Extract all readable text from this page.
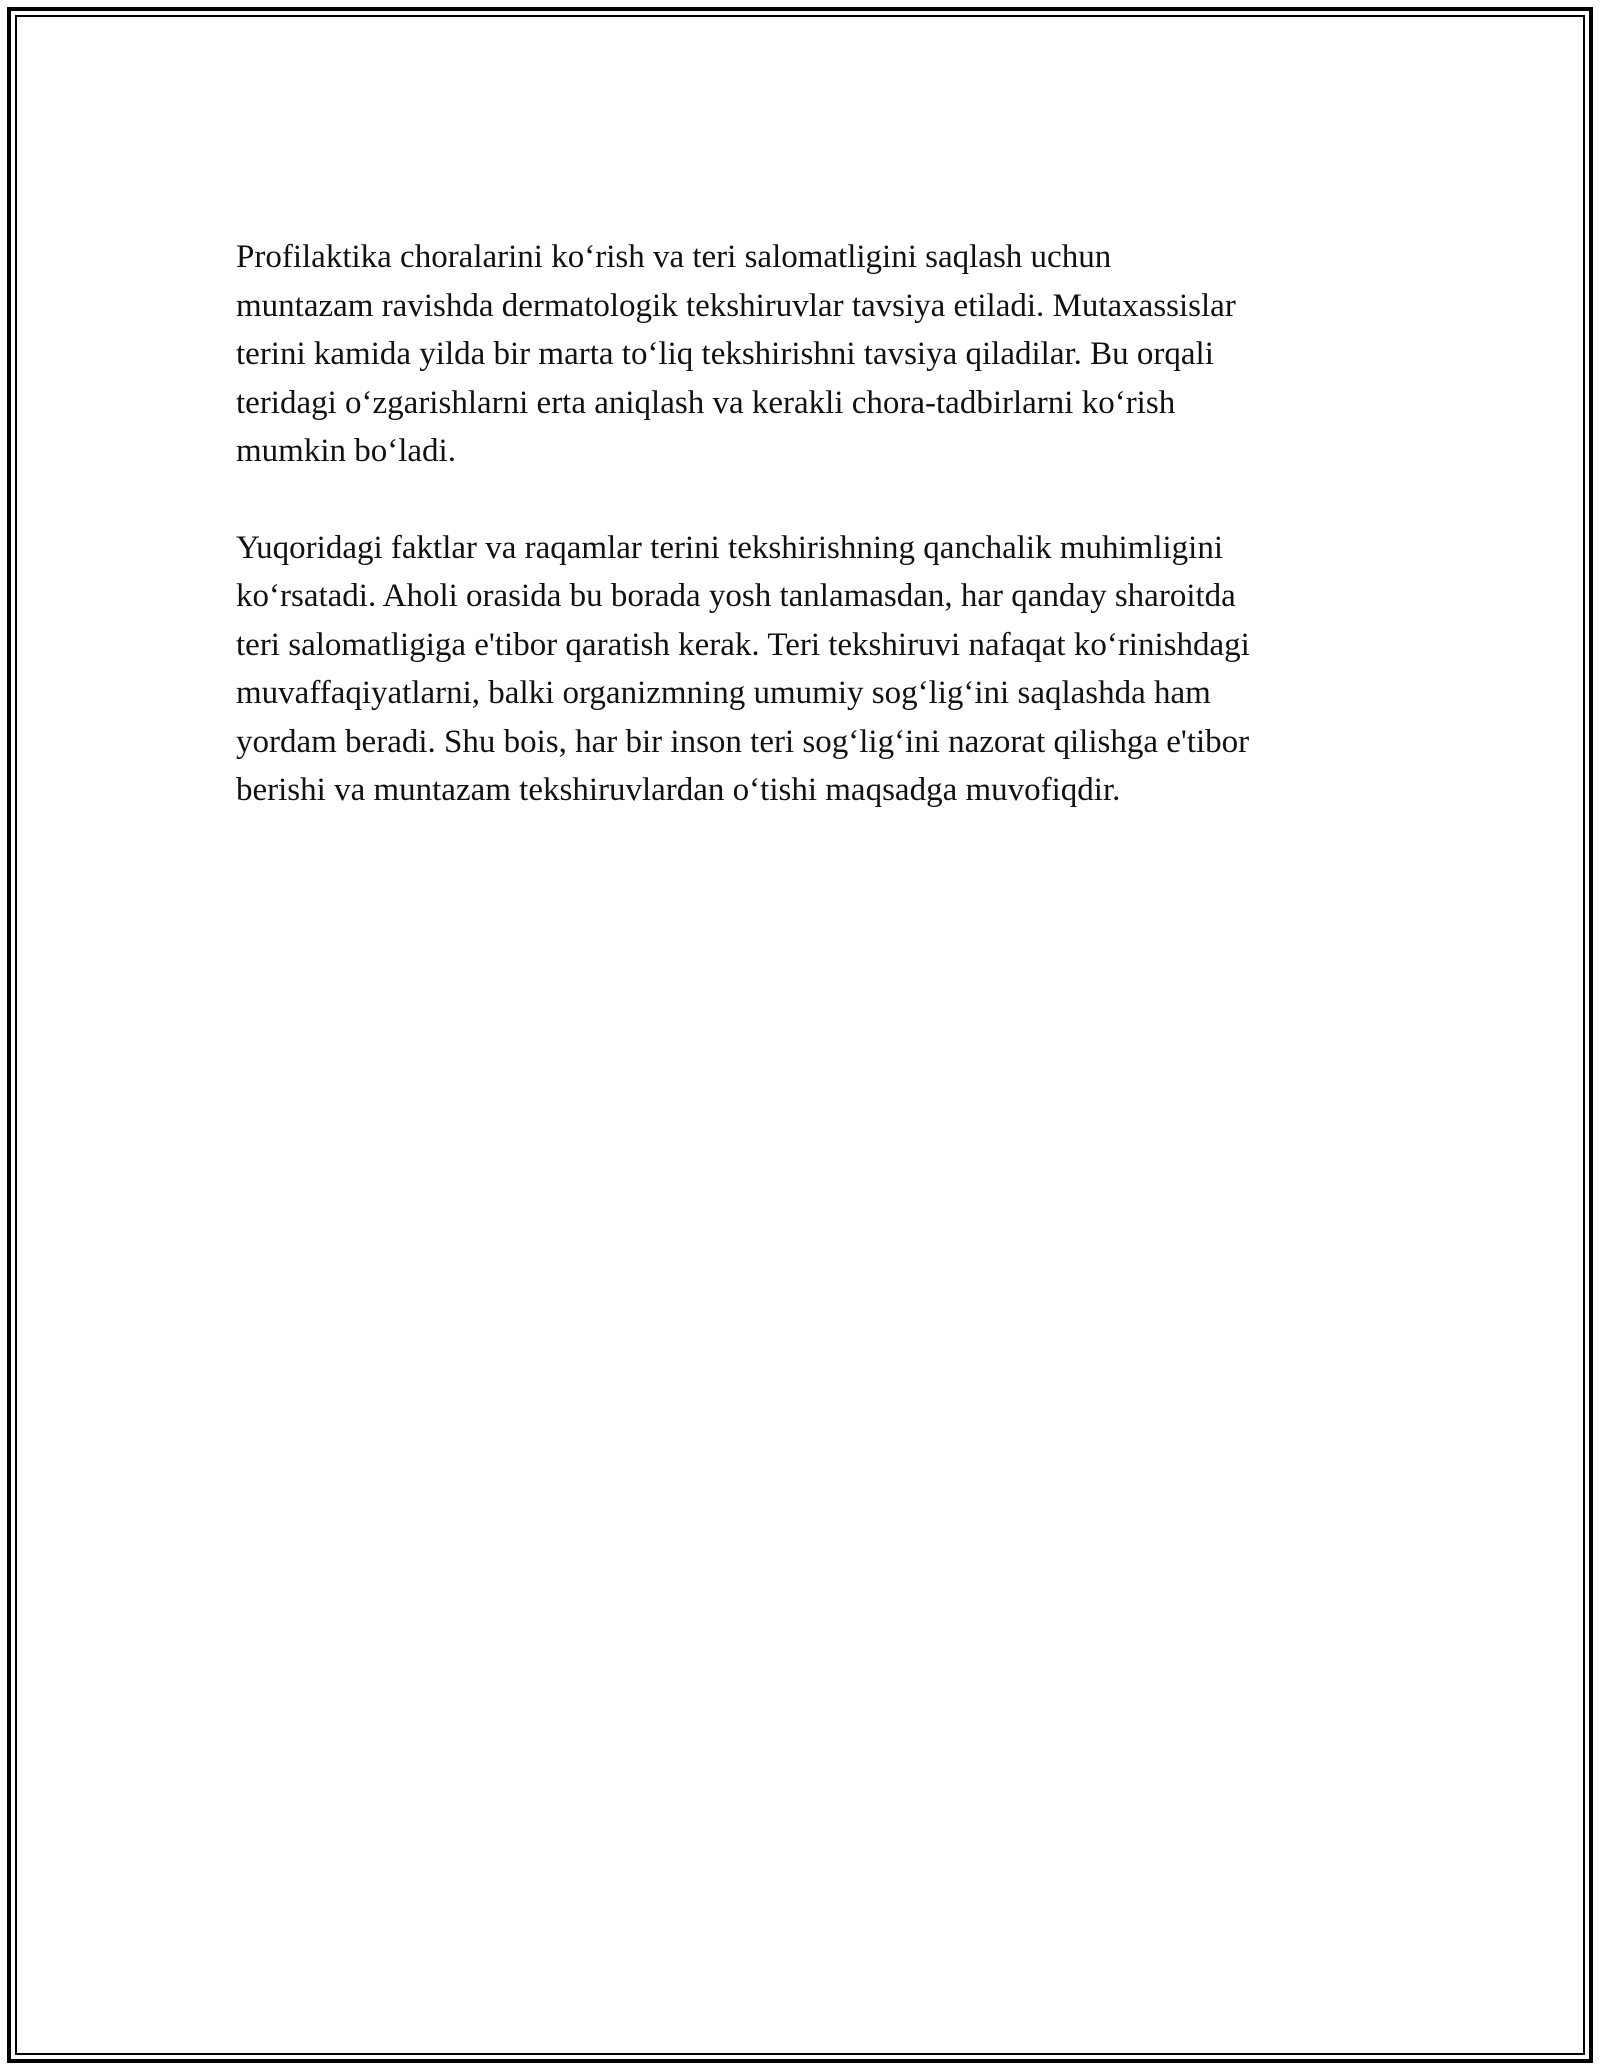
Profilaktika choralarini ko‘rish va teri salomatligini saqlash uchun
muntazam ravishda dermatologik tekshiruvlar tavsiya etiladi. Mutaxassislar
terini kamida yilda bir marta to‘liq tekshirishni tavsiya qiladilar. Bu orqali
teridagi o‘zgarishlarni erta aniqlash va kerakli chora-tadbirlarni ko‘rish
mumkin bo‘ladi.

Yuqoridagi faktlar va raqamlar terini tekshirishning qanchalik muhimligini
ko‘rsatadi. Aholi orasida bu borada yosh tanlamasdan, har qanday sharoitda
teri salomatligiga e'tibor qaratish kerak. Teri tekshiruvi nafaqat ko‘rinishdagi
muvaffaqiyatlarni, balki organizmning umumiy sog‘lig‘ini saqlashda ham
yordam beradi. Shu bois, har bir inson teri sog‘lig‘ini nazorat qilishga e'tibor
berishi va muntazam tekshiruvlardan o‘tishi maqsadga muvofiqdir.
